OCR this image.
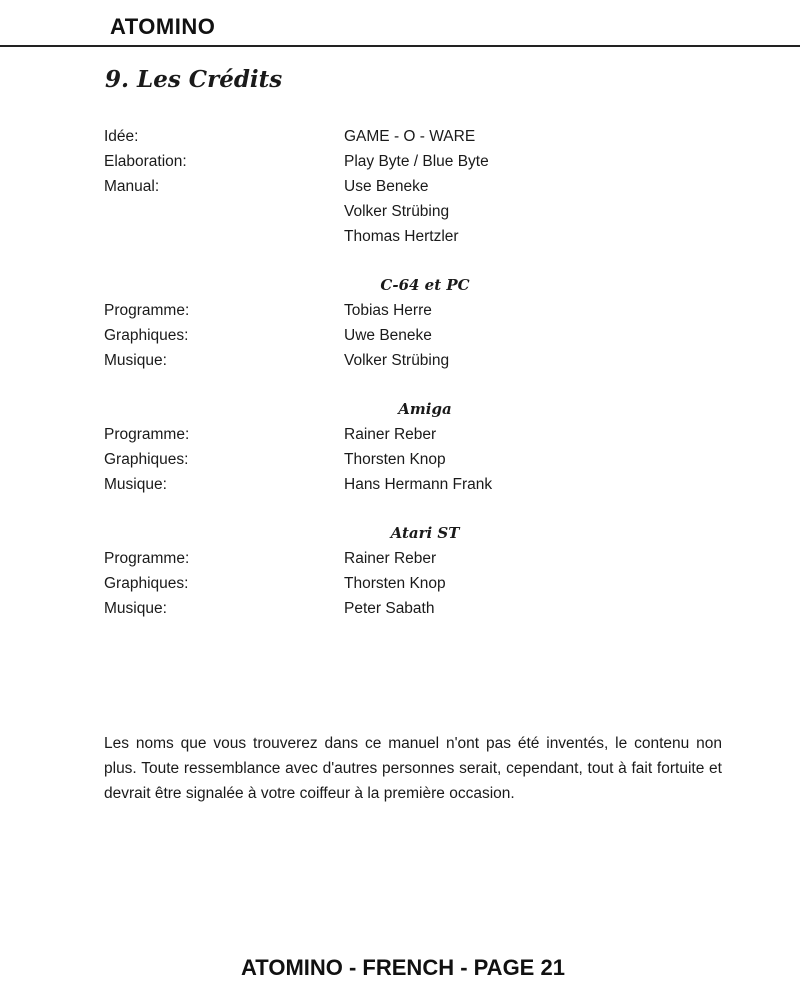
ATOMINO
9. Les Crédits
Idée:	GAME - O - WARE
Elaboration:	Play Byte / Blue Byte
Manual:	Use Beneke
Volker Strübing
Thomas Hertzler
C-64 et PC
Programme:	Tobias Herre
Graphiques:	Uwe Beneke
Musique:	Volker Strübing
Amiga
Programme:	Rainer Reber
Graphiques:	Thorsten Knop
Musique:	Hans Hermann Frank
Atari ST
Programme:	Rainer Reber
Graphiques:	Thorsten Knop
Musique:	Peter Sabath

Les noms que vous trouverez dans ce manuel n'ont pas été inventés, le contenu non plus. Toute ressemblance avec d'autres personnes serait, cependant, tout à fait fortuite et devrait être signalée à votre coiffeur à la première occasion.

ATOMINO - FRENCH - PAGE 21
